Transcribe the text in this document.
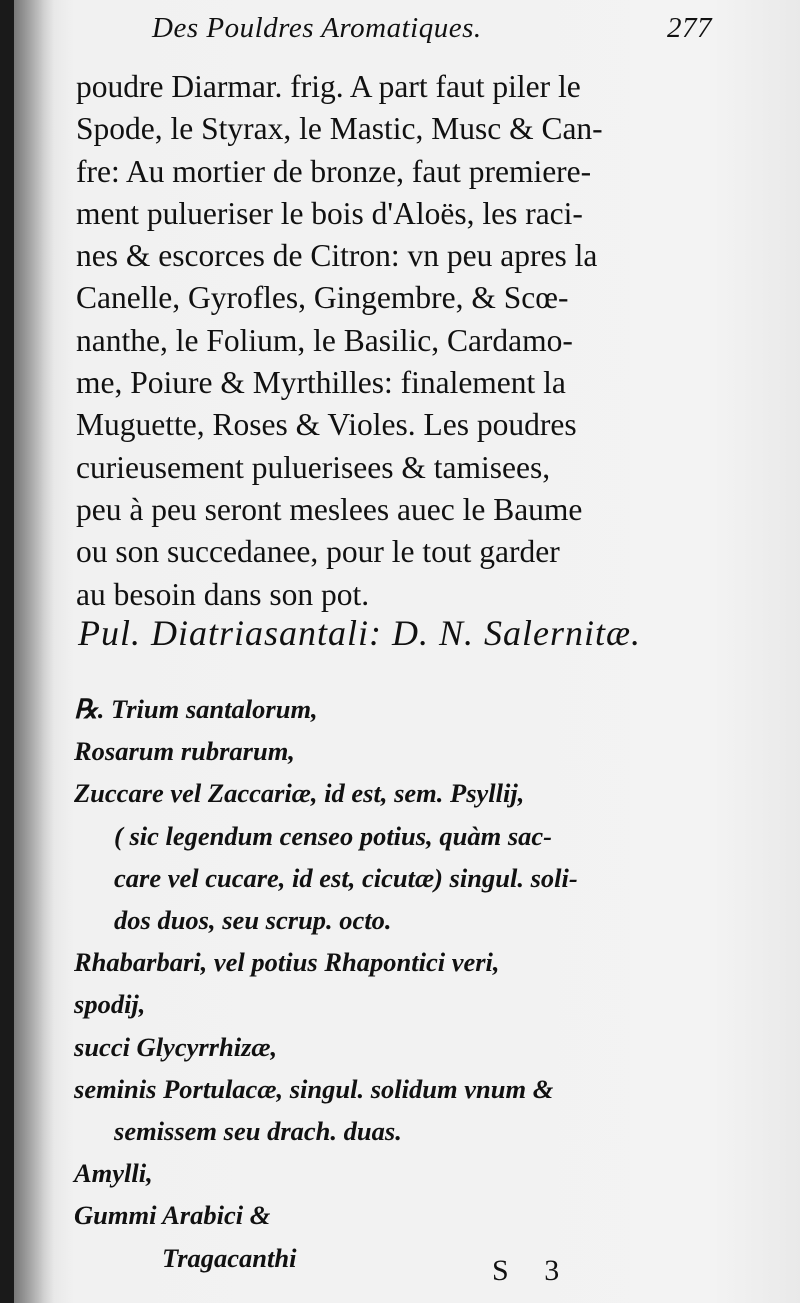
Des Pouldres Aromatiques.	277
poudre Diarmar. frig. A part faut piler le
Spode, le Styrax, le Mastic, Musc & Can-
fre: Au mortier de bronze, faut premiere-
ment pulueriser le bois d'Aloës, les raci-
nes & escorces de Citron: vn peu apres la
Canelle, Gyrofles, Gingembre, & Scœ-
nanthe, le Folium, le Basilic, Cardamo-
me, Poiure & Myrthilles: finalement la
Muguette, Roses & Violes. Les poudres
curieusement puluerisees & tamisees,
peu à peu seront meslees auec le Baume
ou son succedanee, pour le tout garder
au besoin dans son pot.
Pul. Diatriasantali: D. N. Salernitæ.
℞. Trium santalorum,
Rosarum rubrarum,
Zuccare vel Zaccariæ, id est, sem. Psyllij,
( sic legendum censeo potius, quàm sac-
care vel cucare, id est, cicutæ) singul. soli-
dos duos, seu scrup. octo.
Rhabarbari, vel potius Rhapontici veri,
spodij,
succi Glycyrrhizæ,
seminis Portulacæ, singul. solidum vnum &
semissem seu drach. duas.
Amylli,
Gummi Arabici &
Tragacanthi	S 3
